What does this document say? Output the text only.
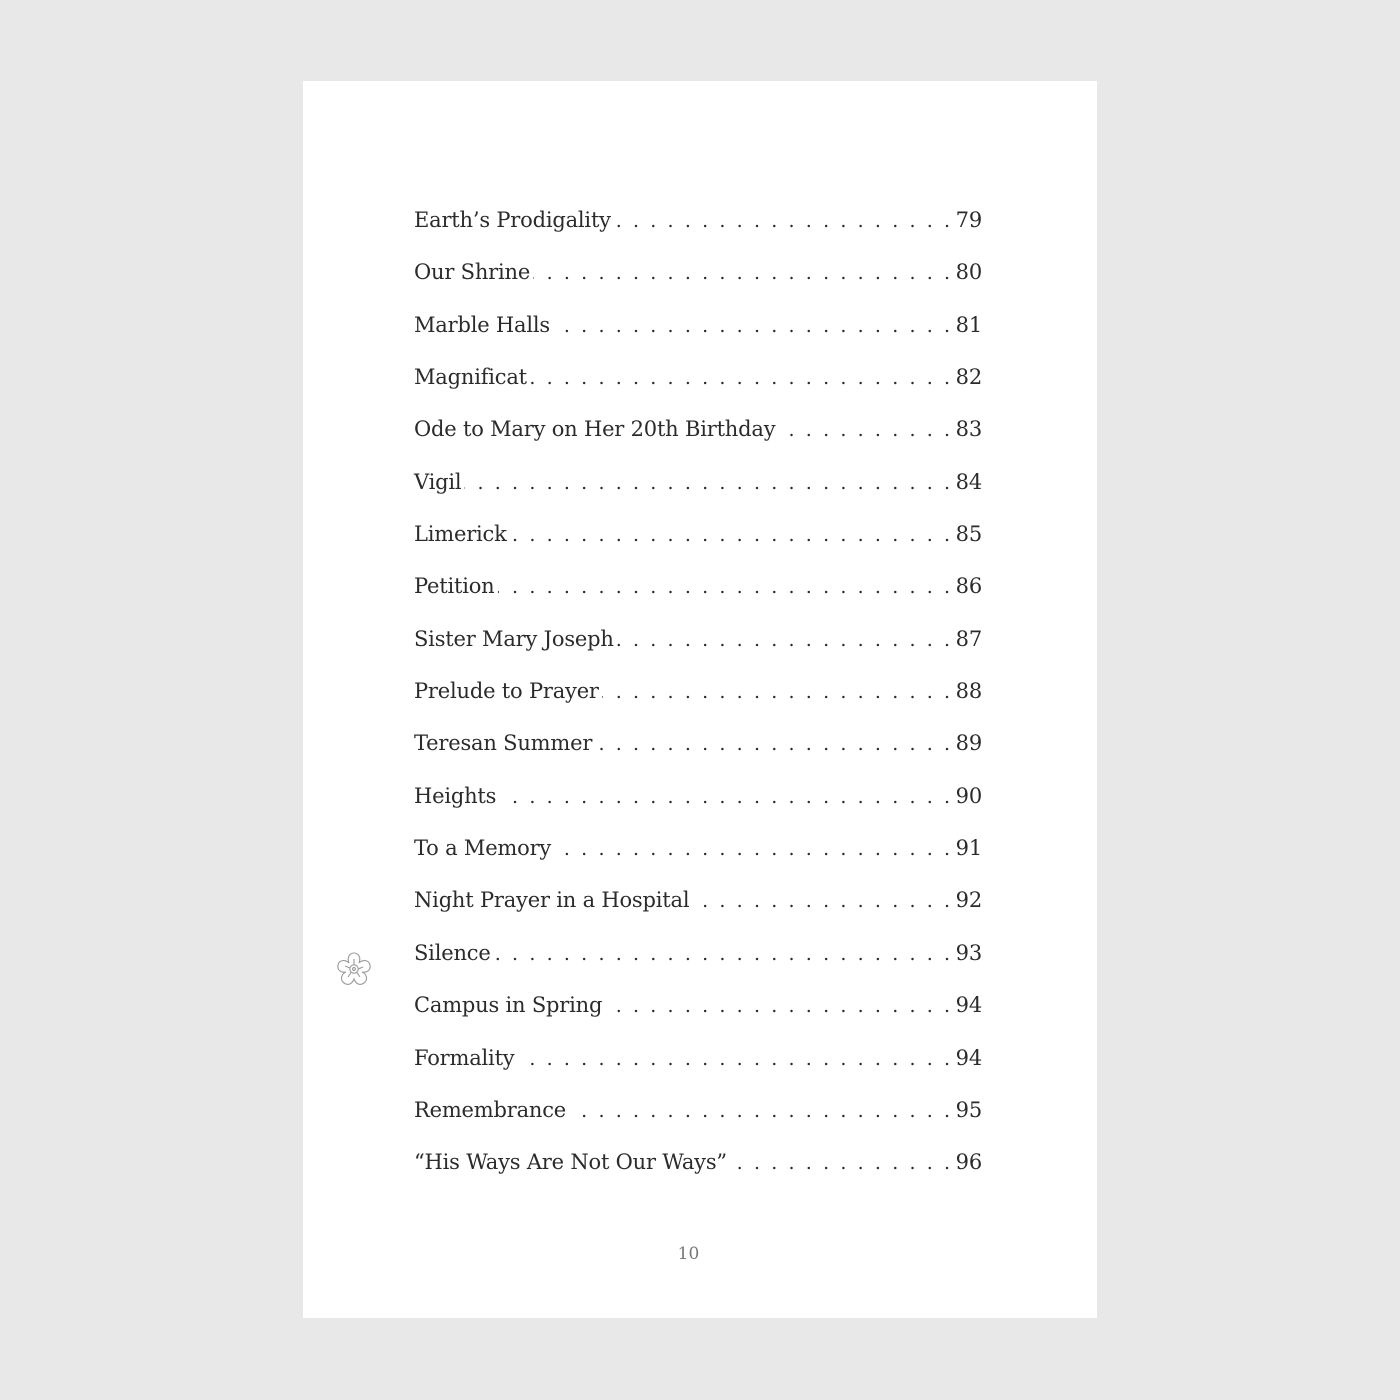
Earth’s Prodigality . . .	79
Our Shrine . . .	80
Marble Halls . . .	81
Magnificat . . .	82
Ode to Mary on Her 20th Birthday . . .	83
Vigil . . .	84
Limerick . . .	85
Petition . . .	86
Sister Mary Joseph . . .	87
Prelude to Prayer . . .	88
Teresan Summer . . .	89
Heights . . .	90
To a Memory . . .	91
Night Prayer in a Hospital . . .	92
Silence . . .	93
Campus in Spring . . .	94
Formality . . .	94
Remembrance . . .	95
“His Ways Are Not Our Ways” . . .	96
10
